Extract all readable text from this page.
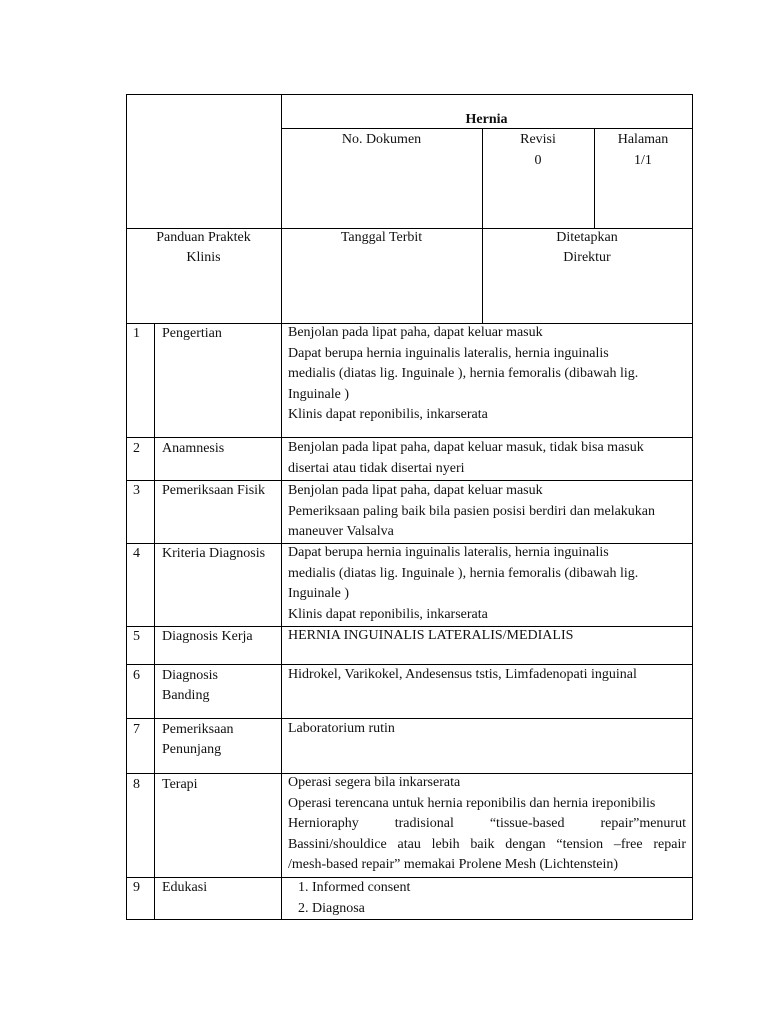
Hernia
No. Dokumen	Revisi
0
Halaman
1/1
Panduan Praktek
Klinis
Tanggal Terbit	Ditetapkan
Direktur
1 Pengertian	Benjolan pada lipat paha, dapat keluar masuk
Dapat berupa hernia inguinalis lateralis, hernia inguinalis
medialis (diatas lig. Inguinale ), hernia femoralis (dibawah lig.
Inguinale )
Klinis dapat reponibilis, inkarserata
2 Anamnesis	Benjolan pada lipat paha, dapat keluar masuk, tidak bisa masuk
disertai atau tidak disertai nyeri
3 Pemeriksaan Fisik Benjolan pada lipat paha, dapat keluar masuk
Pemeriksaan paling baik bila pasien posisi berdiri dan melakukan
maneuver Valsalva
4 Kriteria Diagnosis Dapat berupa hernia inguinalis lateralis, hernia inguinalis
medialis (diatas lig. Inguinale ), hernia femoralis (dibawah lig.
Inguinale )
Klinis dapat reponibilis, inkarserata
5 Diagnosis Kerja	HERNIA INGUINALIS LATERALIS/MEDIALIS
6 Diagnosis
Banding
Hidrokel, Varikokel, Andesensus tstis, Limfadenopati inguinal
7 Pemeriksaan
Penunjang
Laboratorium rutin
8 Terapi	Operasi segera bila inkarserata
Operasi terencana untuk hernia reponibilis dan hernia ireponibilis
Hernioraphy tradisional “tissue-based repair”menurut
Bassini/shouldice atau lebih baik dengan “tension –free repair
/mesh-based repair” memakai Prolene Mesh (Lichtenstein)
9 Edukasi
1.	Informed consent
2. Diagnosa
